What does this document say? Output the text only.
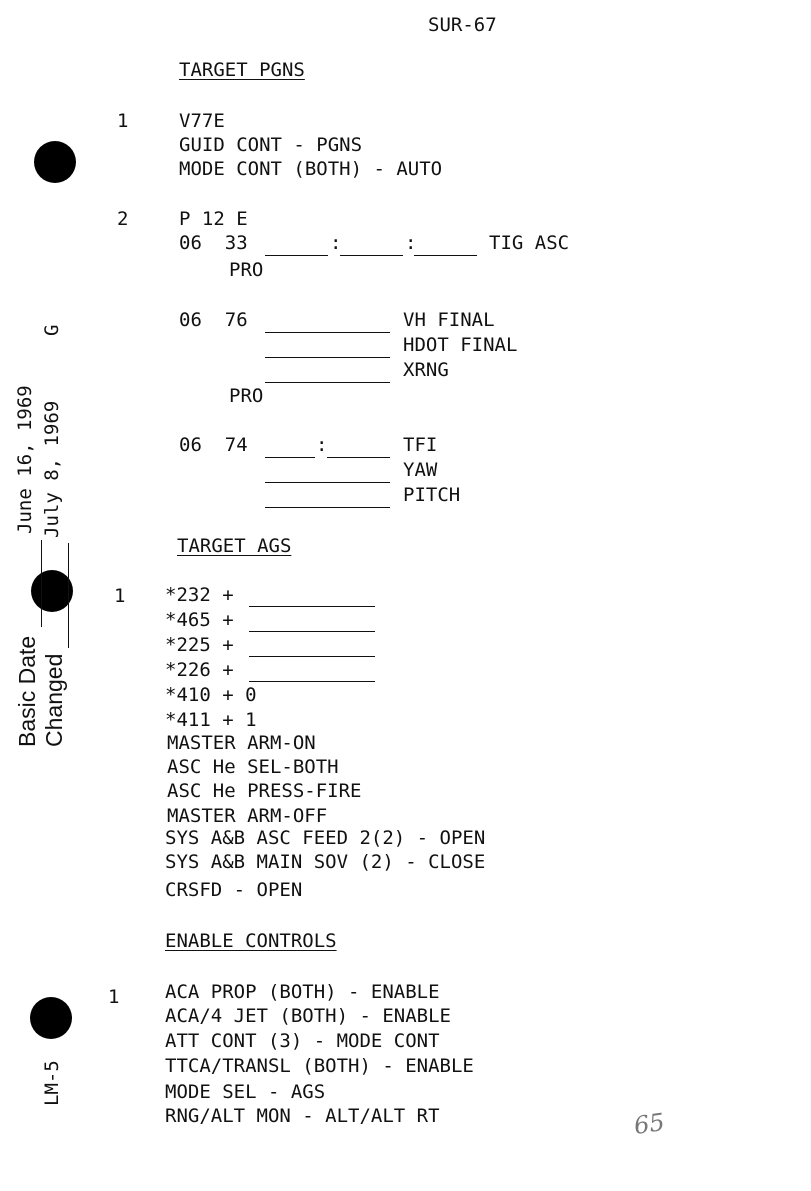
SUR-67
TARGET PGNS
1	V77E
GUID CONT - PGNS
MODE CONT (BOTH) - AUTO
2	P 12 E
06  33	:	:	TIG ASC
PRO
06  76	VH FINAL
HDOT FINAL
XRNG
PRO
06  74	:	TFI
YAW
PITCH
TARGET AGS
1 *232 +
*465 +
*225 +
*226 +
*410 + 0
*411 + 1
MASTER ARM-ON
ASC He SEL-BOTH
ASC He PRESS-FIRE
MASTER ARM-OFF
SYS A&B ASC FEED 2(2) - OPEN
SYS A&B MAIN SOV (2) - CLOSE
CRSFD - OPEN
ENABLE CONTROLS
1 ACA PROP (BOTH) - ENABLE
ACA/4 JET (BOTH) - ENABLE
ATT CONT (3) - MODE CONT
TTCA/TRANSL (BOTH) - ENABLE
MODE SEL - AGS
RNG/ALT MON - ALT/ALT RT
Basic Date
June 16, 1969
Changed
July 8, 1969
G
LM-5
65
